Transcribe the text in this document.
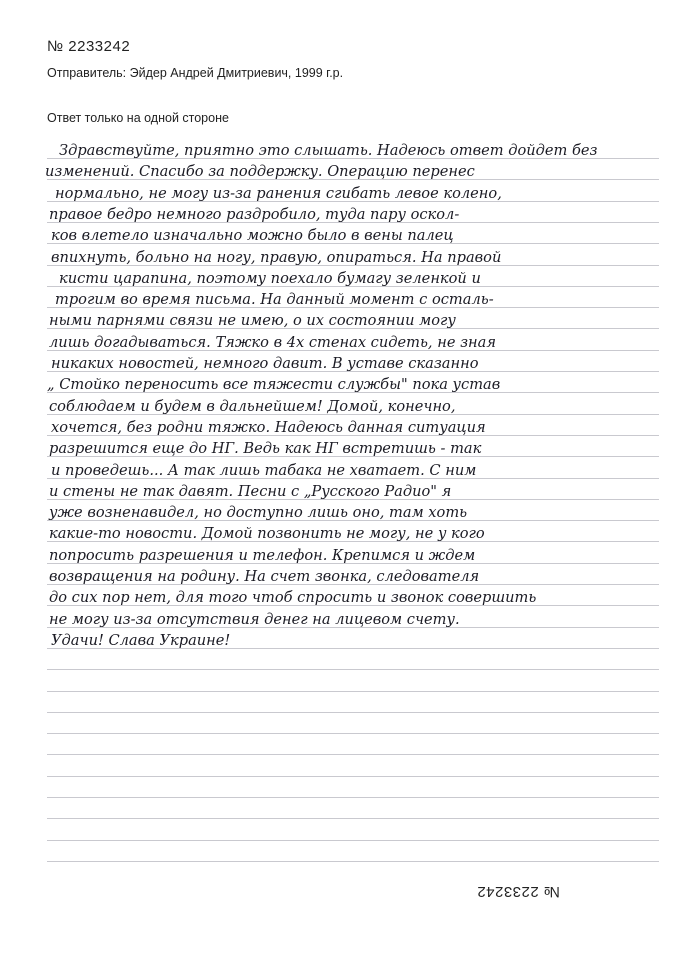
№ 2233242
Отправитель: Эйдер Андрей Дмитриевич, 1999 г.р.
Ответ только на одной стороне
Здравствуйте, приятно это слышать. Надеюсь ответ дойдет без
изменений. Спасибо за поддержку. Операцию перенес
нормально, не могу из-за ранения сгибать левое колено,
правое бедро немного раздробило, туда пару оскол-
ков влетело изначально можно было в вены палец
впихнуть, больно на ногу, правую, опираться. На правой
кисти царапина, поэтому поехало бумагу зеленкой и
трогим во время письма. На данный момент с осталь-
ными парнями связи не имею, о их состоянии могу
лишь догадываться. Тяжко в 4х стенах сидеть, не зная
никаких новостей, немного давит. В уставе сказанно
„ Стойко переносить все тяжести службы" пока устав
соблюдаем и будем в дальнейшем! Домой, конечно,
хочется, без родни тяжко. Надеюсь данная ситуация
разрешится еще до НГ. Ведь как НГ встретишь - так
и проведешь... А так лишь табака не хватает. С ним
и стены не так давят. Песни с „Русского Радио" я
уже возненавидел, но доступно лишь оно, там хоть
какие-то новости. Домой позвонить не могу, не у кого
попросить разрешения и телефон. Крепимся и ждем
возвращения на родину. На счет звонка, следователя
до сих пор нет, для того чтоб спросить и звонок совершить
не могу из-за отсутствия денег на лицевом счету.
Удачи! Слава Украине!
№ 2233242
